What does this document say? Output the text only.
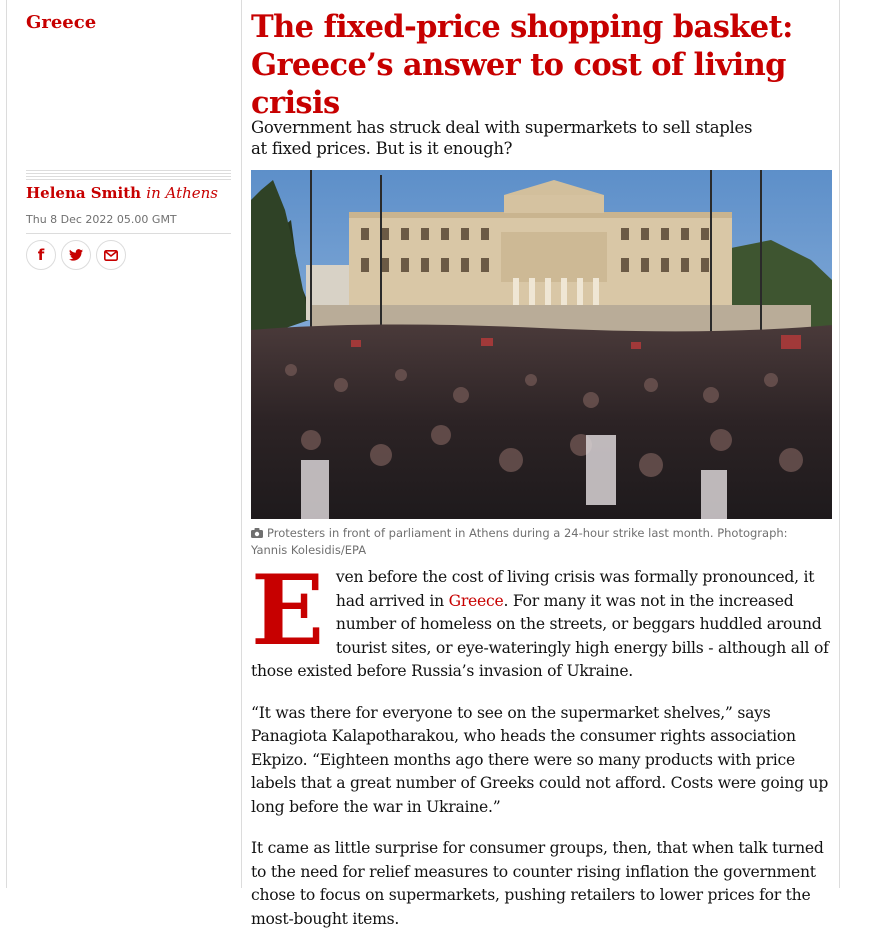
Greece	The fixed-price shopping basket: Greece’s answer to cost of living crisis

Government has struck deal with supermarkets to sell staples at fixed prices. But is it enough?

Helena Smith in Athens
Thu 8 Dec 2022 05.00 GMT
f
Protesters in front of parliament in Athens during a 24-hour strike last month. Photograph: Yannis Kolesidis/EPA

Even before the cost of living crisis was formally pronounced, it had arrived in Greece. For many it was not in the increased number of homeless on the streets, or beggars huddled around tourist sites, or eye-wateringly high energy bills - although all of those existed before Russia’s invasion of Ukraine.

“It was there for everyone to see on the supermarket shelves,” says Panagiota Kalapotharakou, who heads the consumer rights association Ekpizo. “Eighteen months ago there were so many products with price labels that a great number of Greeks could not afford. Costs were going up long before the war in Ukraine.”

It came as little surprise for consumer groups, then, that when talk turned to the need for relief measures to counter rising inflation the government chose to focus on supermarkets, pushing retailers to lower prices for the most-bought items.
